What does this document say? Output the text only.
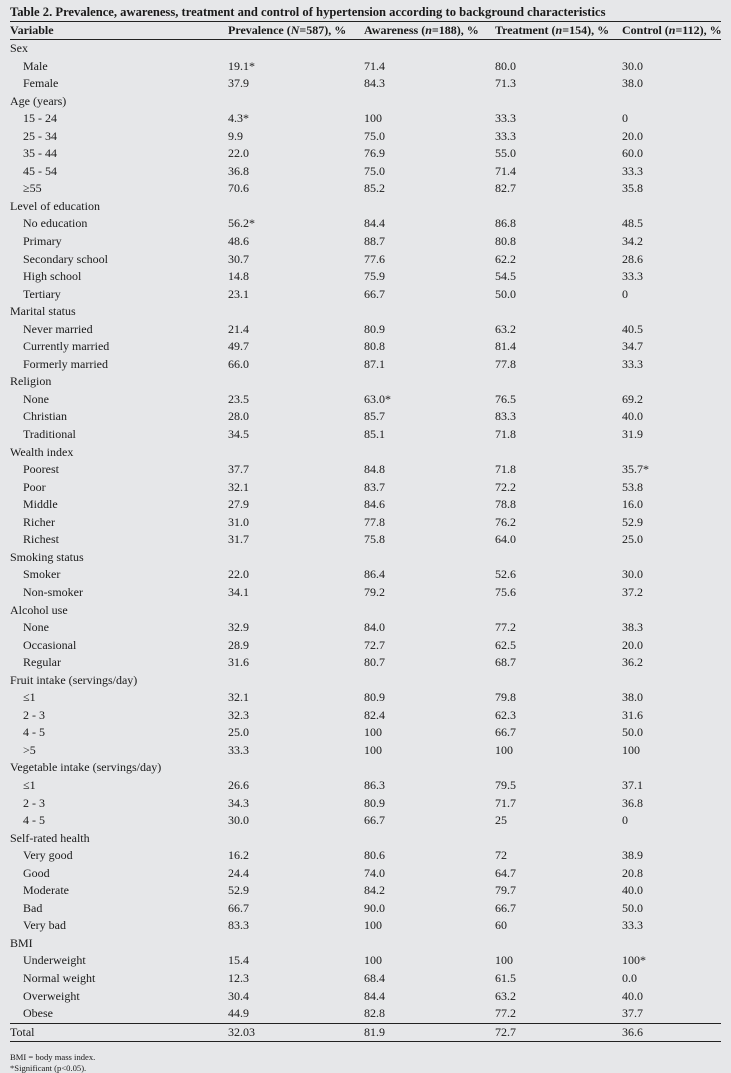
Table 2. Prevalence, awareness, treatment and control of hypertension according to background characteristics
Variable	Prevalence (N=587), %	Awareness (n=188), %	Treatment (n=154), %	Control (n=112), %
Sex				
Male	19.1*	71.4	80.0	30.0
Female	37.9	84.3	71.3	38.0
Age (years)				
15 - 24	4.3*	100	33.3	0
25 - 34	9.9	75.0	33.3	20.0
35 - 44	22.0	76.9	55.0	60.0
45 - 54	36.8	75.0	71.4	33.3
≥55	70.6	85.2	82.7	35.8
Level of education				
No education	56.2*	84.4	86.8	48.5
Primary	48.6	88.7	80.8	34.2
Secondary school	30.7	77.6	62.2	28.6
High school	14.8	75.9	54.5	33.3
Tertiary	23.1	66.7	50.0	0
Marital status				
Never married	21.4	80.9	63.2	40.5
Currently married	49.7	80.8	81.4	34.7
Formerly married	66.0	87.1	77.8	33.3
Religion				
None	23.5	63.0*	76.5	69.2
Christian	28.0	85.7	83.3	40.0
Traditional	34.5	85.1	71.8	31.9
Wealth index				
Poorest	37.7	84.8	71.8	35.7*
Poor	32.1	83.7	72.2	53.8
Middle	27.9	84.6	78.8	16.0
Richer	31.0	77.8	76.2	52.9
Richest	31.7	75.8	64.0	25.0
Smoking status				
Smoker	22.0	86.4	52.6	30.0
Non-smoker	34.1	79.2	75.6	37.2
Alcohol use				
None	32.9	84.0	77.2	38.3
Occasional	28.9	72.7	62.5	20.0
Regular	31.6	80.7	68.7	36.2
Fruit intake (servings/day)				
≤1	32.1	80.9	79.8	38.0
2 - 3	32.3	82.4	62.3	31.6
4 - 5	25.0	100	66.7	50.0
>5	33.3	100	100	100
Vegetable intake (servings/day)				
≤1	26.6	86.3	79.5	37.1
2 - 3	34.3	80.9	71.7	36.8
4 - 5	30.0	66.7	25	0
Self-rated health				
Very good	16.2	80.6	72	38.9
Good	24.4	74.0	64.7	20.8
Moderate	52.9	84.2	79.7	40.0
Bad	66.7	90.0	66.7	50.0
Very bad	83.3	100	60	33.3
BMI				
Underweight	15.4	100	100	100*
Normal weight	12.3	68.4	61.5	0.0
Overweight	30.4	84.4	63.2	40.0
Obese	44.9	82.8	77.2	37.7
Total	32.03	81.9	72.7	36.6
BMI = body mass index.
*Significant (p<0.05).
